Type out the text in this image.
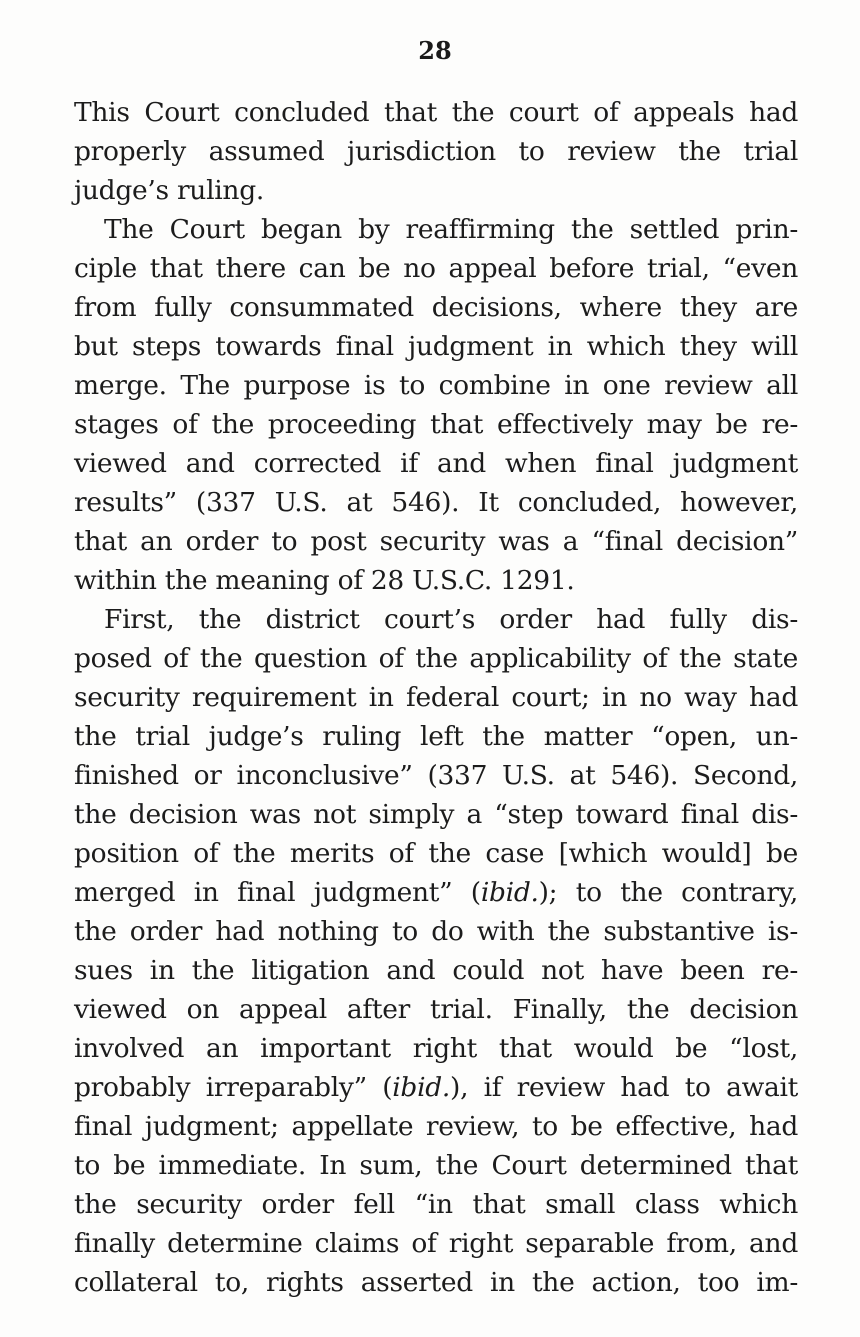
28
This Court concluded that the court of appeals had
properly assumed jurisdiction to review the trial
judge’s ruling.
The Court began by reaffirming the settled prin-
ciple that there can be no appeal before trial, “even
from fully consummated decisions, where they are
but steps towards final judgment in which they will
merge. The purpose is to combine in one review all
stages of the proceeding that effectively may be re-
viewed and corrected if and when final judgment
results” (337 U.S. at 546). It concluded, however,
that an order to post security was a “final decision”
within the meaning of 28 U.S.C. 1291.
First, the district court’s order had fully dis-
posed of the question of the applicability of the state
security requirement in federal court; in no way had
the trial judge’s ruling left the matter “open, un-
finished or inconclusive” (337 U.S. at 546). Second,
the decision was not simply a “step toward final dis-
position of the merits of the case [which would] be
merged in final judgment” (ibid.); to the contrary,
the order had nothing to do with the substantive is-
sues in the litigation and could not have been re-
viewed on appeal after trial. Finally, the decision
involved an important right that would be “lost,
probably irreparably” (ibid.), if review had to await
final judgment; appellate review, to be effective, had
to be immediate. In sum, the Court determined that
the security order fell “in that small class which
finally determine claims of right separable from, and
collateral to, rights asserted in the action, too im-
